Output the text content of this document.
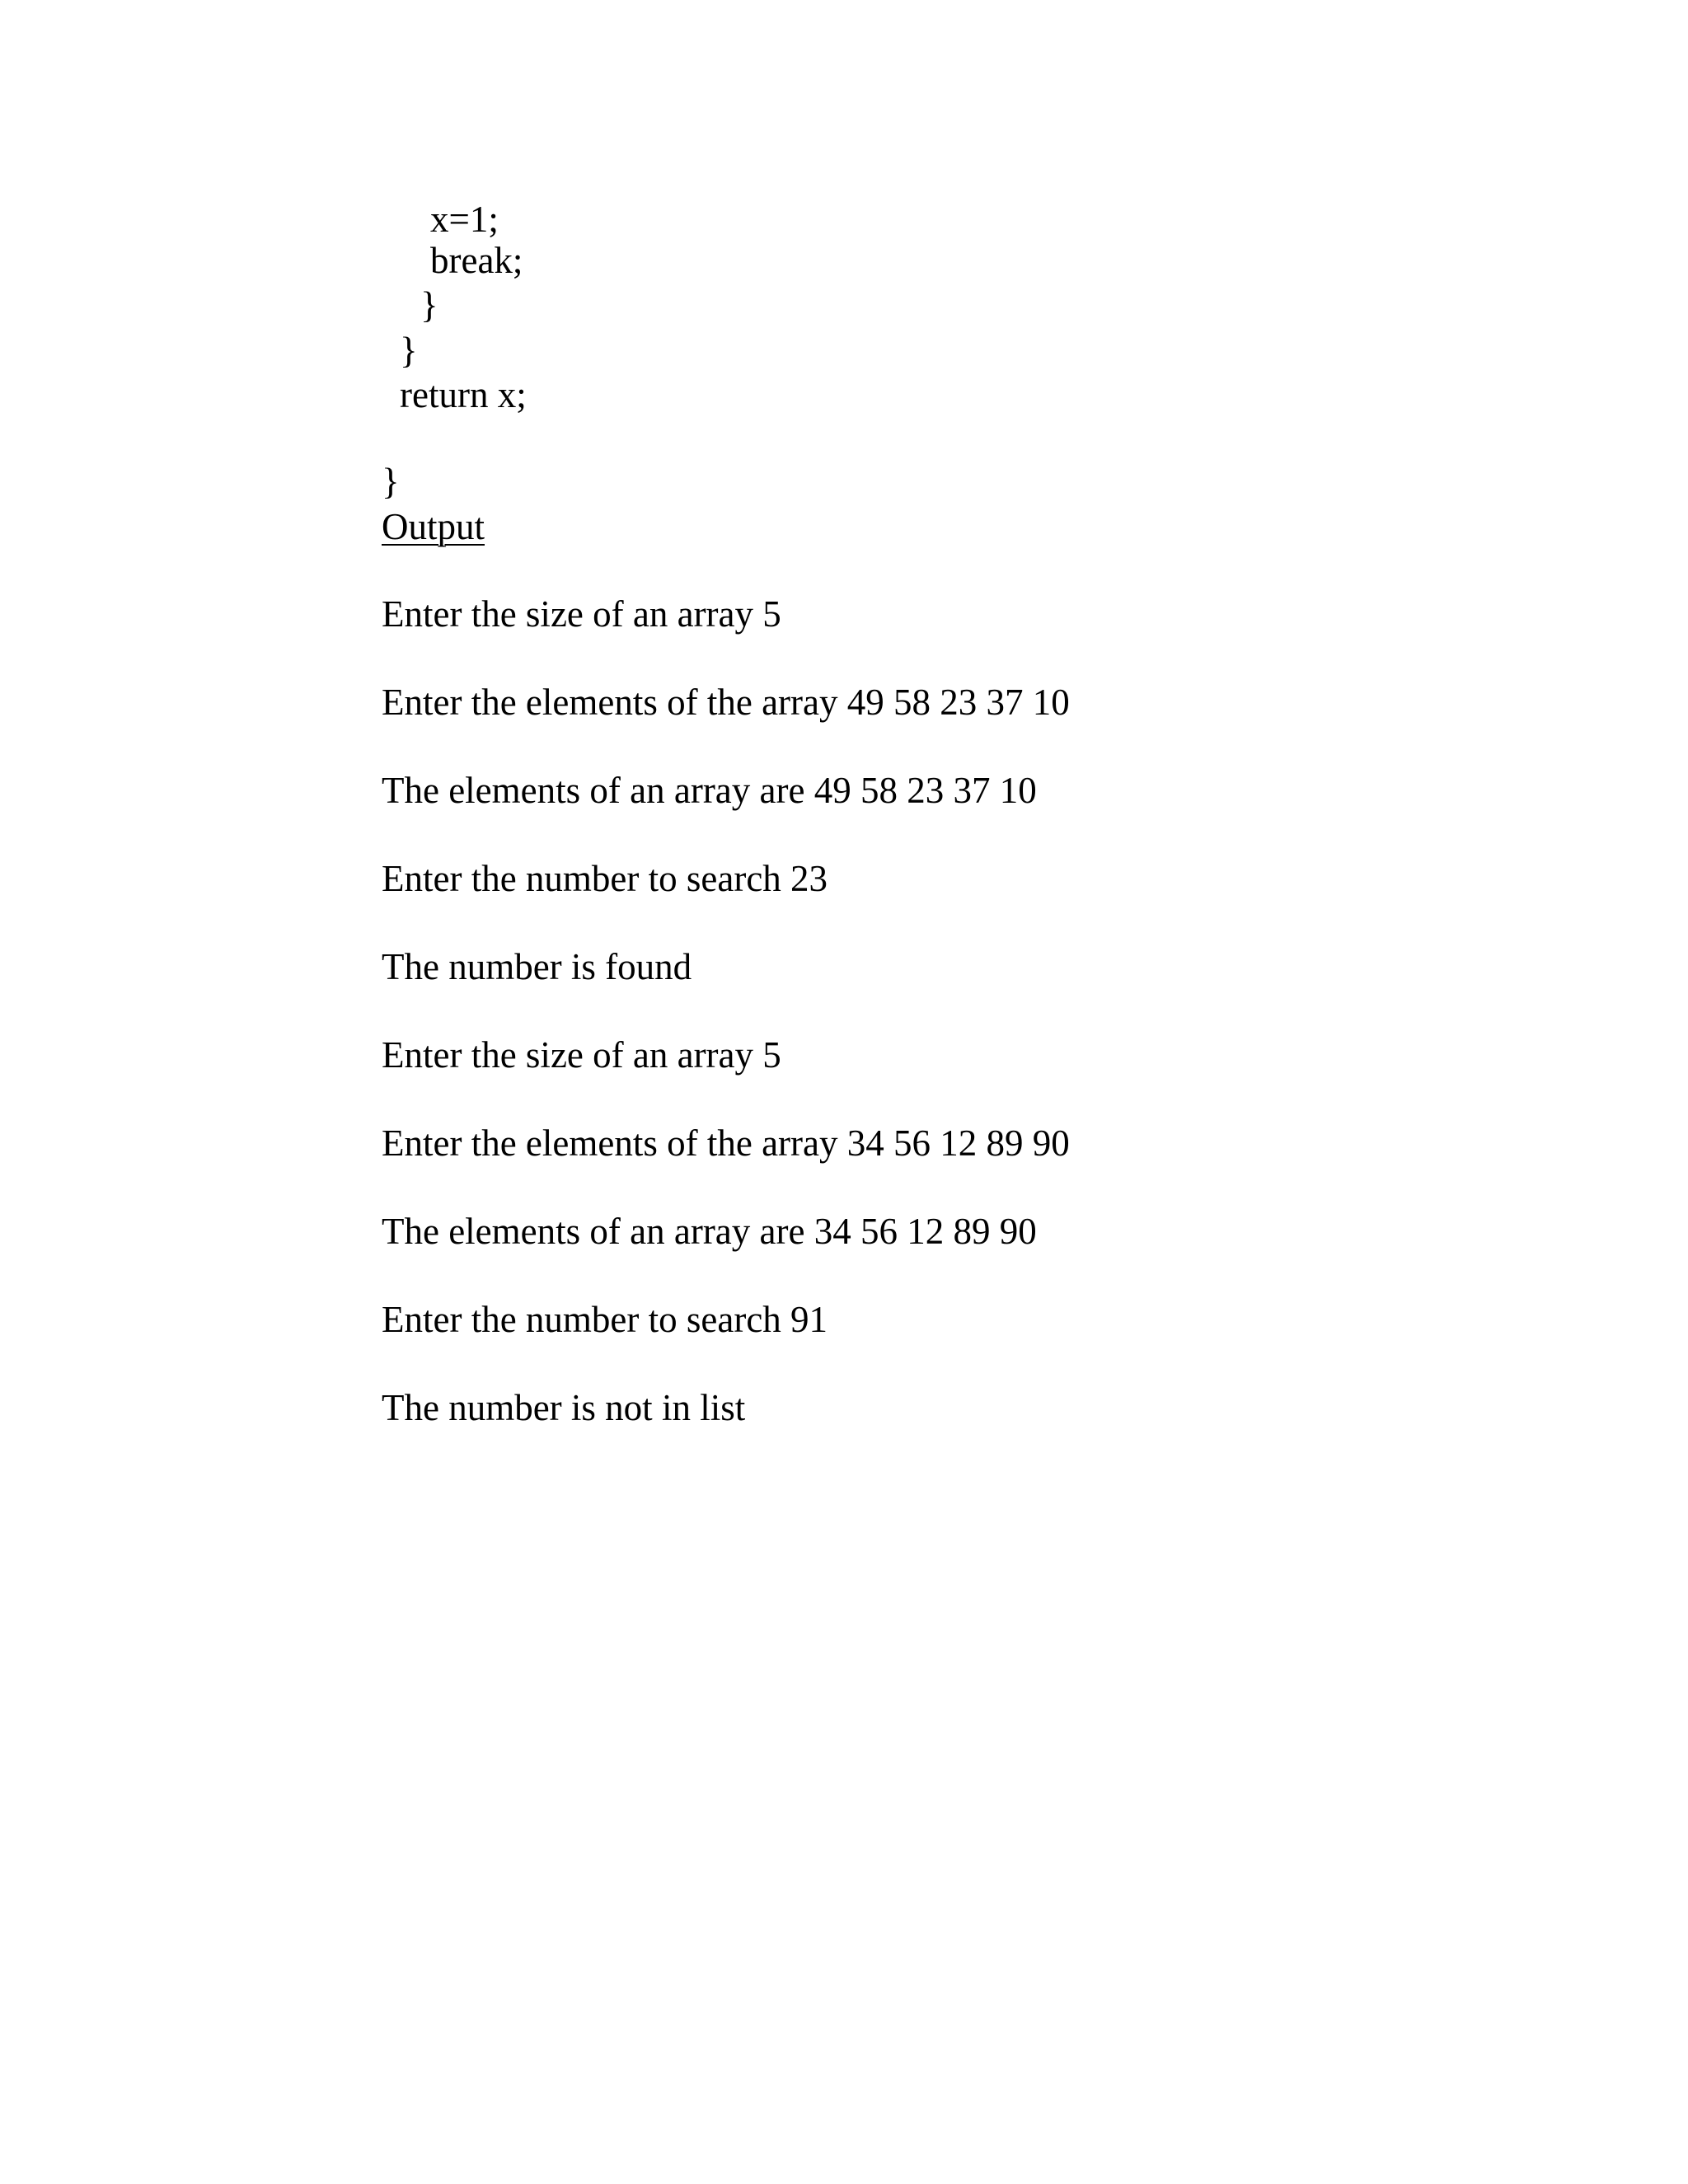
x=1;
break;
}
}
return x;
}
Output
Enter the size of an array 5
Enter the elements of the array 49 58 23 37 10
The elements of an array are 49 58 23 37 10
Enter the number to search 23
The number is found
Enter the size of an array 5
Enter the elements of the array 34 56 12 89 90
The elements of an array are 34 56 12 89 90
Enter the number to search 91
The number is not in list
